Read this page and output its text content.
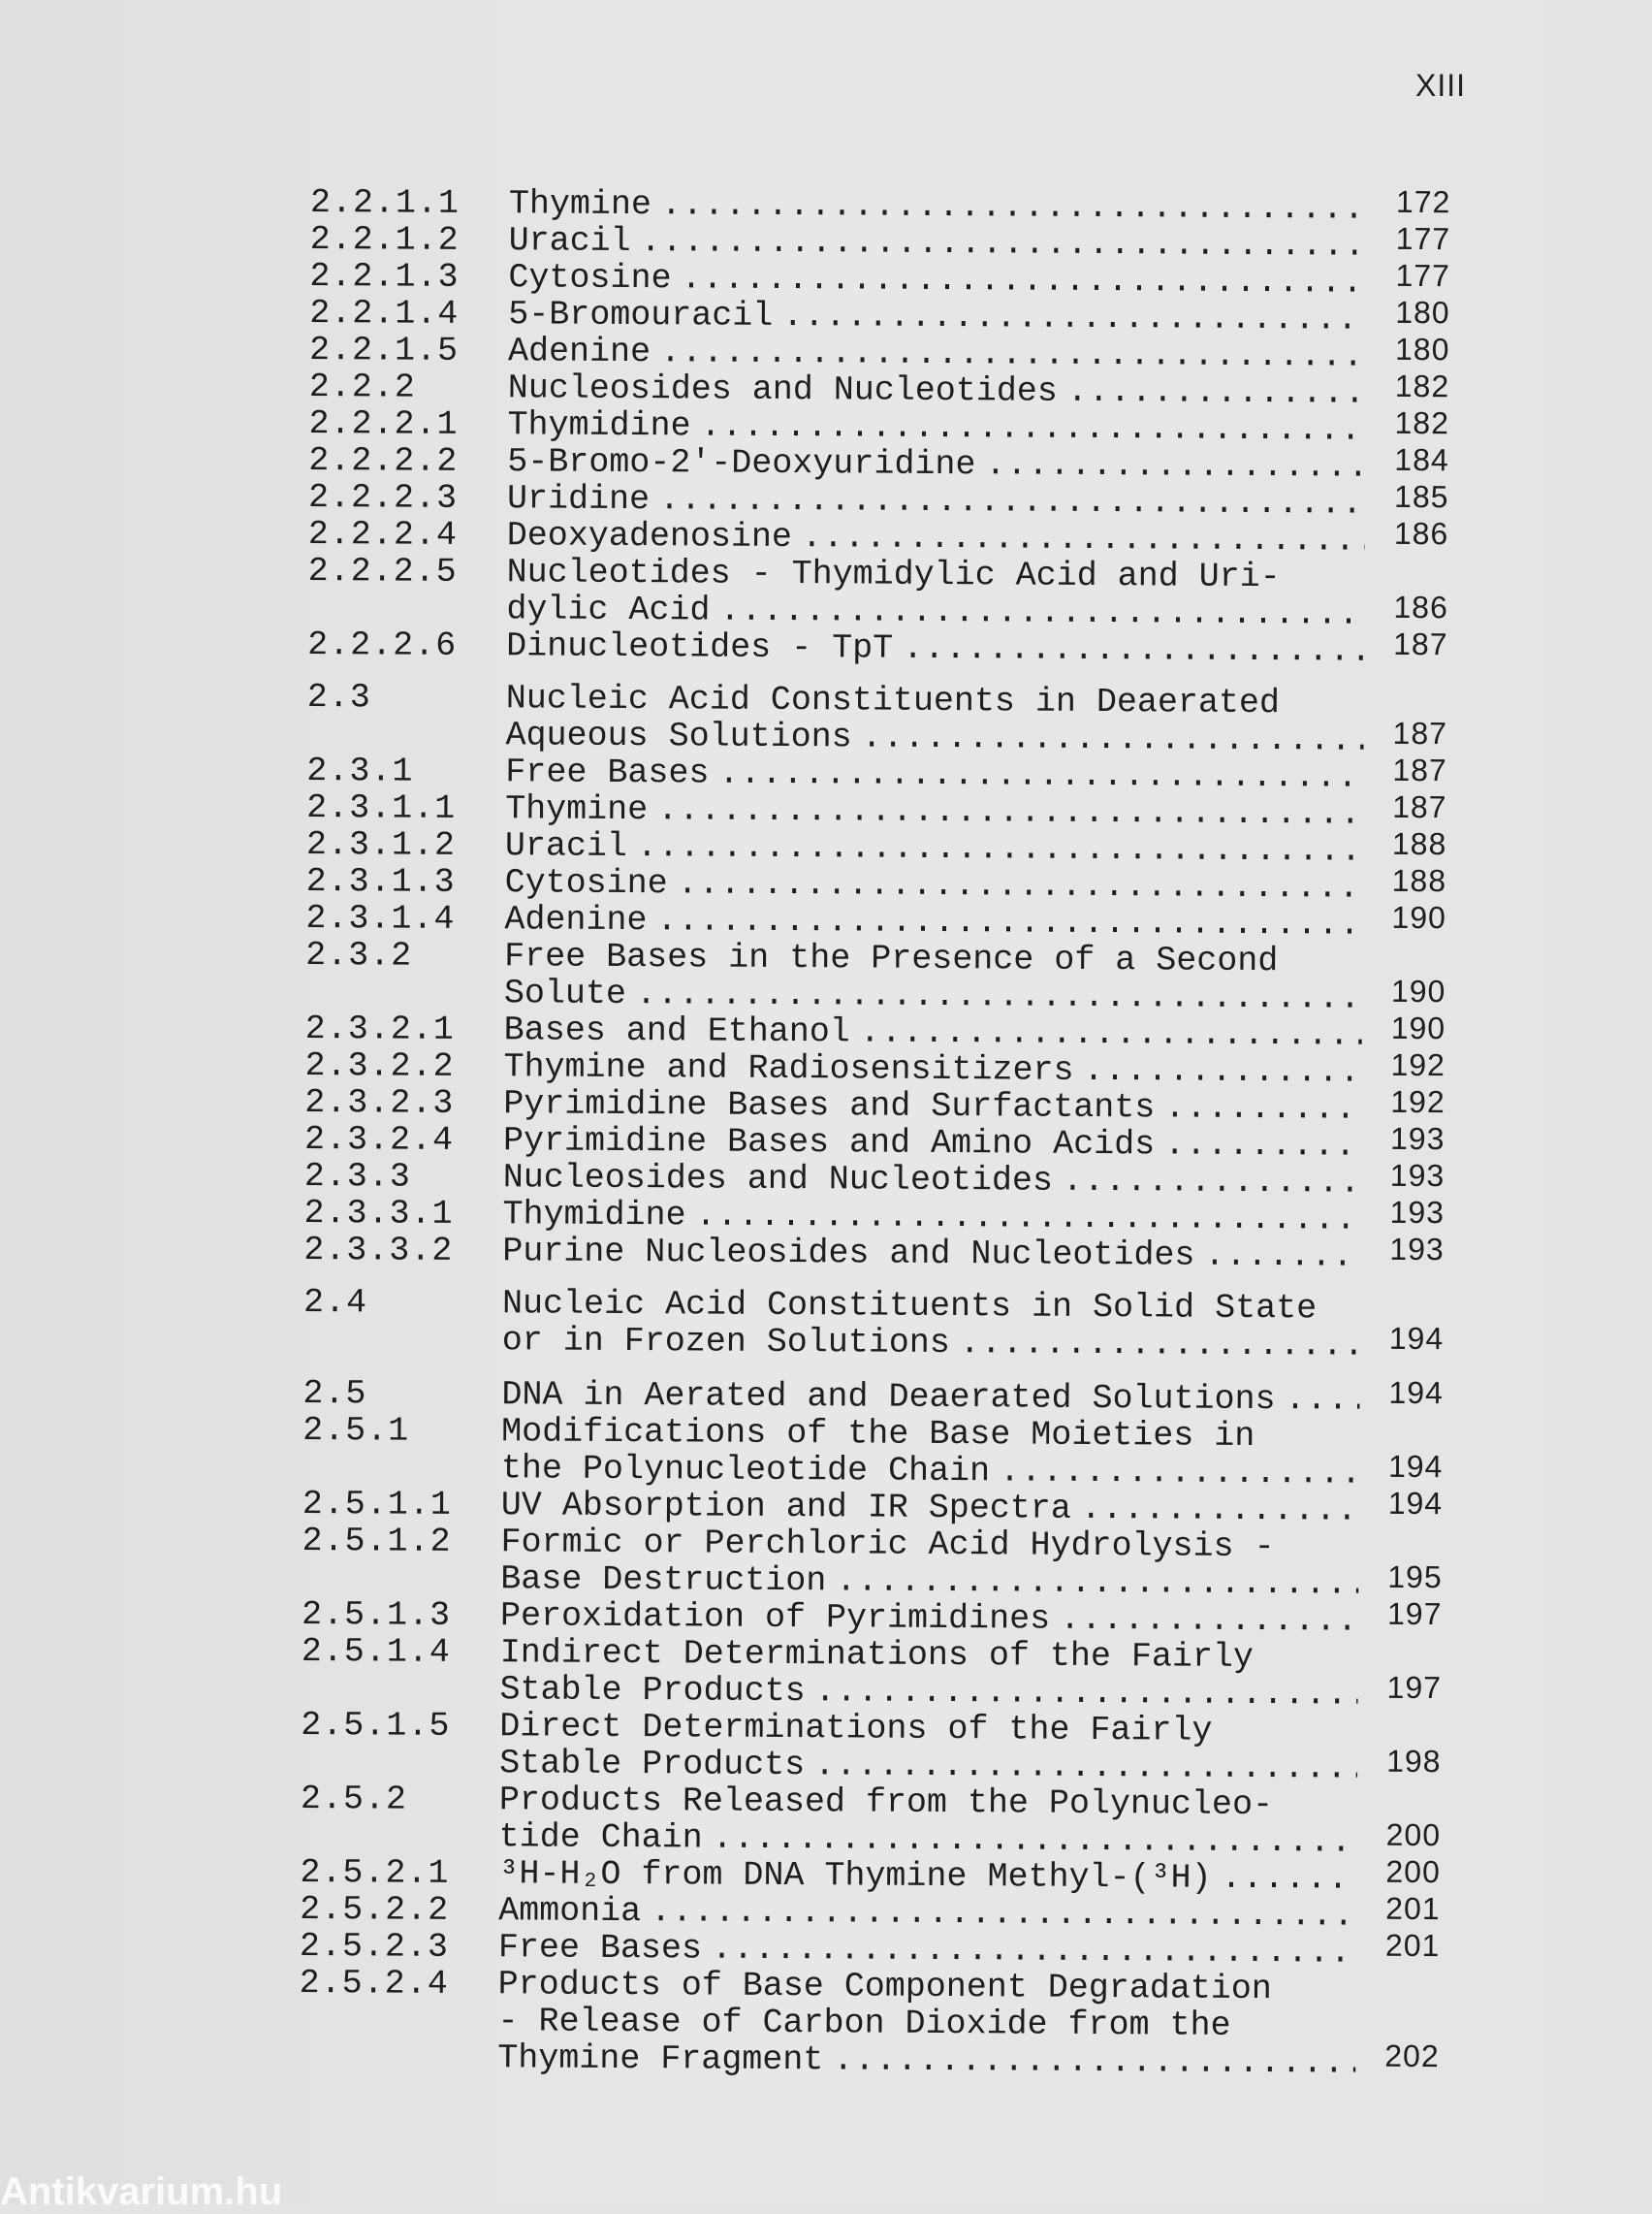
XIII
2.2.1.1 Thymine .....	172
2.2.1.2 Uracil .....	177
2.2.1.3 Cytosine .....	177
2.2.1.4 5-Bromouracil .....	180
2.2.1.5 Adenine .....	180
2.2.2	Nucleosides and Nucleotides .....	182
2.2.2.1 Thymidine .....	182
2.2.2.2 5-Bromo-2'-Deoxyuridine .....	184
2.2.2.3 Uridine .....	185
2.2.2.4 Deoxyadenosine .....	186
2.2.2.5 Nucleotides - Thymidylic Acid and Uri-
dylic Acid .....	186
2.2.2.6 Dinucleotides - TpT .....	187
2.3	Nucleic Acid Constituents in Deaerated
Aqueous Solutions .....	187
2.3.1	Free Bases .....	187
2.3.1.1 Thymine .....	187
2.3.1.2 Uracil .....	188
2.3.1.3 Cytosine .....	188
2.3.1.4 Adenine .....	190
2.3.2	Free Bases in the Presence of a Second
Solute .....	190
2.3.2.1 Bases and Ethanol .....	190
2.3.2.2 Thymine and Radiosensitizers .....	192
2.3.2.3 Pyrimidine Bases and Surfactants .....	192
2.3.2.4 Pyrimidine Bases and Amino Acids .....	193
2.3.3	Nucleosides and Nucleotides .....	193
2.3.3.1 Thymidine .....	193
2.3.3.2 Purine Nucleosides and Nucleotides .....	193
2.4	Nucleic Acid Constituents in Solid State
or in Frozen Solutions .....	194
2.5	DNA in Aerated and Deaerated Solutions .....	194
2.5.1	Modifications of the Base Moieties in
the Polynucleotide Chain .....	194
2.5.1.1 UV Absorption and IR Spectra .....	194
2.5.1.2 Formic or Perchloric Acid Hydrolysis -
Base Destruction .....	195
2.5.1.3 Peroxidation of Pyrimidines .....	197
2.5.1.4 Indirect Determinations of the Fairly
Stable Products .....	197
2.5.1.5 Direct Determinations of the Fairly
Stable Products .....	198
2.5.2	Products Released from the Polynucleo-
tide Chain .....	200
2.5.2.1 ³H-H₂O from DNA Thymine Methyl-(³H) .....	200
2.5.2.2 Ammonia .....	201
2.5.2.3 Free Bases .....	201
2.5.2.4 Products of Base Component Degradation
- Release of Carbon Dioxide from the
Thymine Fragment .....	202
Antikvarium.hu
